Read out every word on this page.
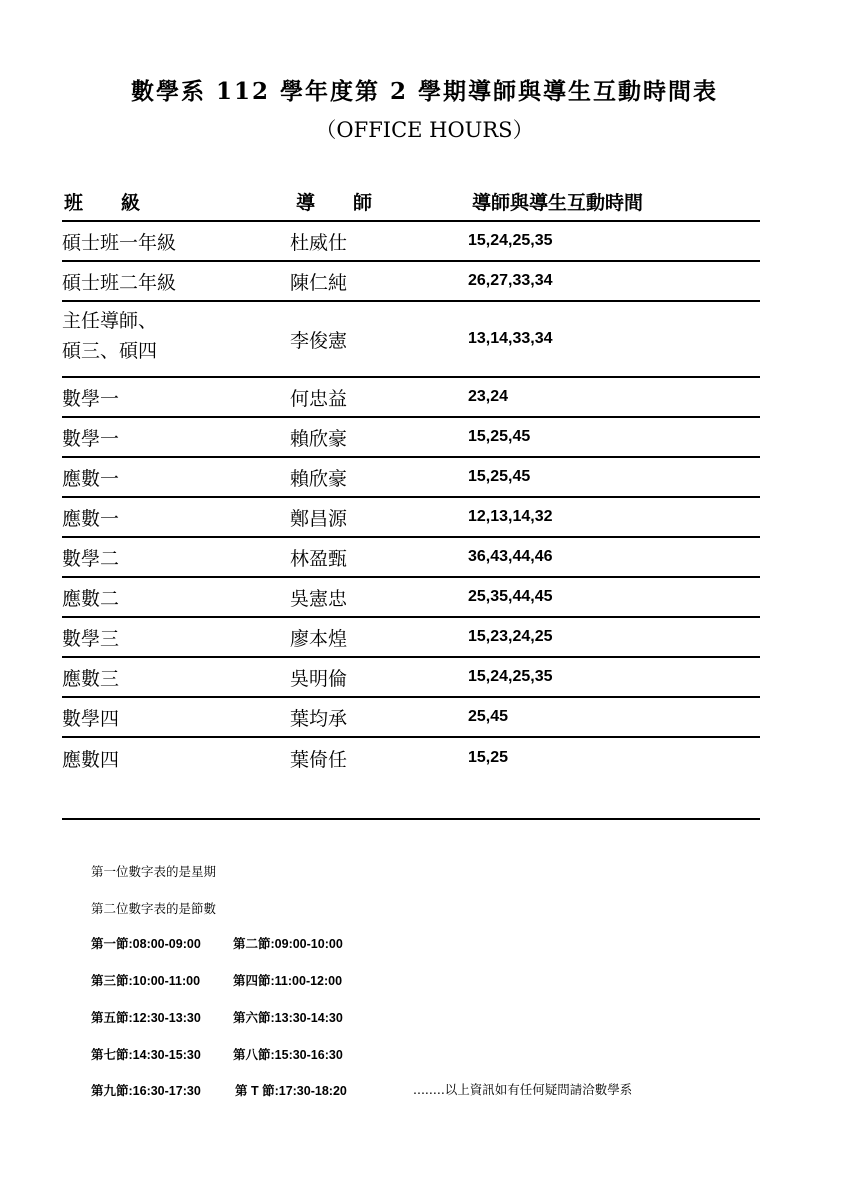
數學系 112 學年度第 2 學期導師與導生互動時間表
（OFFICE HOURS）
班　　級	導　　師	導師與導生互動時間
碩士班一年級	杜威仕	15,24,25,35
碩士班二年級	陳仁純	26,27,33,34
主任導師、
碩三、碩四	李俊憲	13,14,33,34
數學一	何忠益	23,24
數學一	賴欣豪	15,25,45
應數一	賴欣豪	15,25,45
應數一	鄭昌源	12,13,14,32
數學二	林盈甄	36,43,44,46
應數二	吳憲忠	25,35,44,45
數學三	廖本煌	15,23,24,25
應數三	吳明倫	15,24,25,35
數學四	葉均承	25,45
應數四	葉倚任	15,25
第一位數字表的是星期
第二位數字表的是節數
第一節:08:00-09:00	第二節:09:00-10:00
第三節:10:00-11:00	第四節:11:00-12:00
第五節:12:30-13:30	第六節:13:30-14:30
第七節:14:30-15:30	第八節:15:30-16:30
第九節:16:30-17:30	第 T 節:17:30-18:20	........以上資訊如有任何疑問請洽數學系
